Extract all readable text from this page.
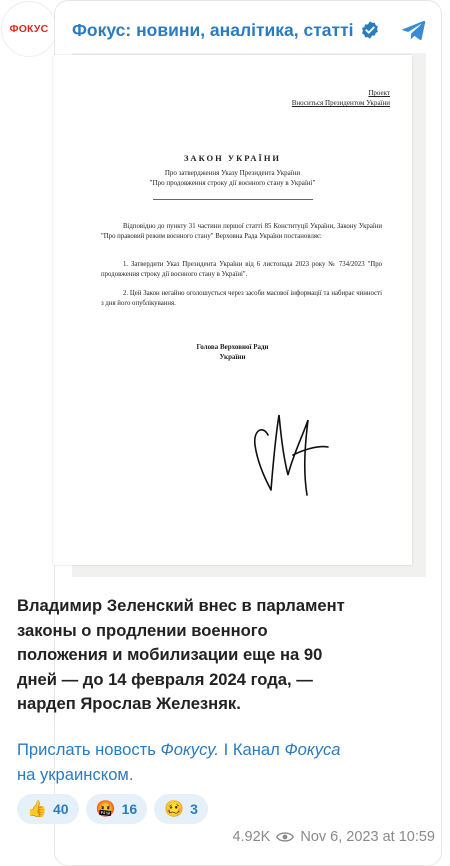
ФОКУС Фокус: новини, аналітика, статті
Проект
Вноситься Президентом України
ЗАКОН УКРАЇНИ
Про затвердження Указу Президента України
"Про продовження строку дії воєнного стану в Україні"
Відповідно до пункту 31 частини першої статті 85 Конституції України, Закону України "Про правовий режим воєнного стану" Верховна Рада України постановляє:
1. Затвердити Указ Президента України від 6 листопада 2023 року № 734/2023 "Про продовження строку дії воєнного стану в Україні".
2. Цей Закон негайно оголошується через засоби масової інформації та набирає чинності з дня його опублікування.
Голова Верховної Ради
України
Владимир Зеленский внес в парламент законы о продлении военного положения и мобилизации еще на 90 дней — до 14 февраля 2024 года, — нардеп Ярослав Железняк.
Прислать новость Фокусу. I Канал Фокуса на украинском.
👍 40 🤬 16 🥴 3
4.92K Nov 6, 2023 at 10:59
